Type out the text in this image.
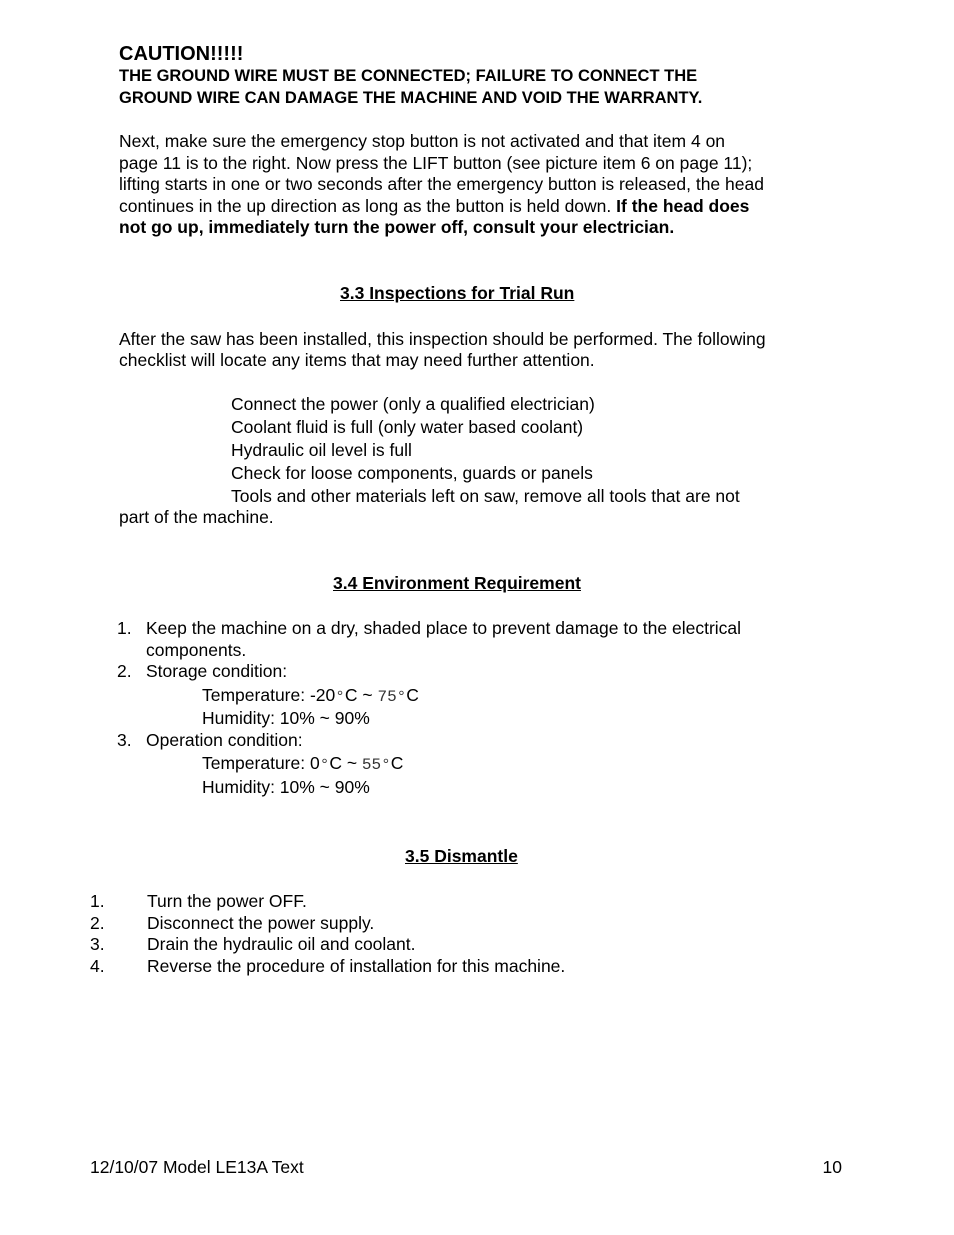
CAUTION!!!!!
THE GROUND WIRE MUST BE CONNECTED; FAILURE TO CONNECT THE
GROUND WIRE CAN DAMAGE THE MACHINE AND VOID THE WARRANTY.
Next, make sure the emergency stop button is not activated and that item 4 on
page 11 is to the right. Now press the LIFT button (see picture item 6 on page 11);
lifting starts in one or two seconds after the emergency button is released, the head
continues in the up direction as long as the button is held down. If the head does
not go up, immediately turn the power off, consult your electrician.
3.3 Inspections for Trial Run
After the saw has been installed, this inspection should be performed. The following
checklist will locate any items that may need further attention.
Connect the power (only a qualified electrician)
Coolant fluid is full (only water based coolant)
Hydraulic oil level is full
Check for loose components, guards or panels
Tools and other materials left on saw, remove all tools that are not
part of the machine.
3.4 Environment Requirement
1. Keep the machine on a dry, shaded place to prevent damage to the electrical
components.
2. Storage condition:
Temperature: -20°C ~ 75°C
Humidity: 10% ~ 90%
3. Operation condition:
Temperature: 0°C ~ 55°C
Humidity: 10% ~ 90%
3.5 Dismantle
1. Turn the power OFF.
2. Disconnect the power supply.
3. Drain the hydraulic oil and coolant.
4. Reverse the procedure of installation for this machine.
12/10/07 Model LE13A Text	10
